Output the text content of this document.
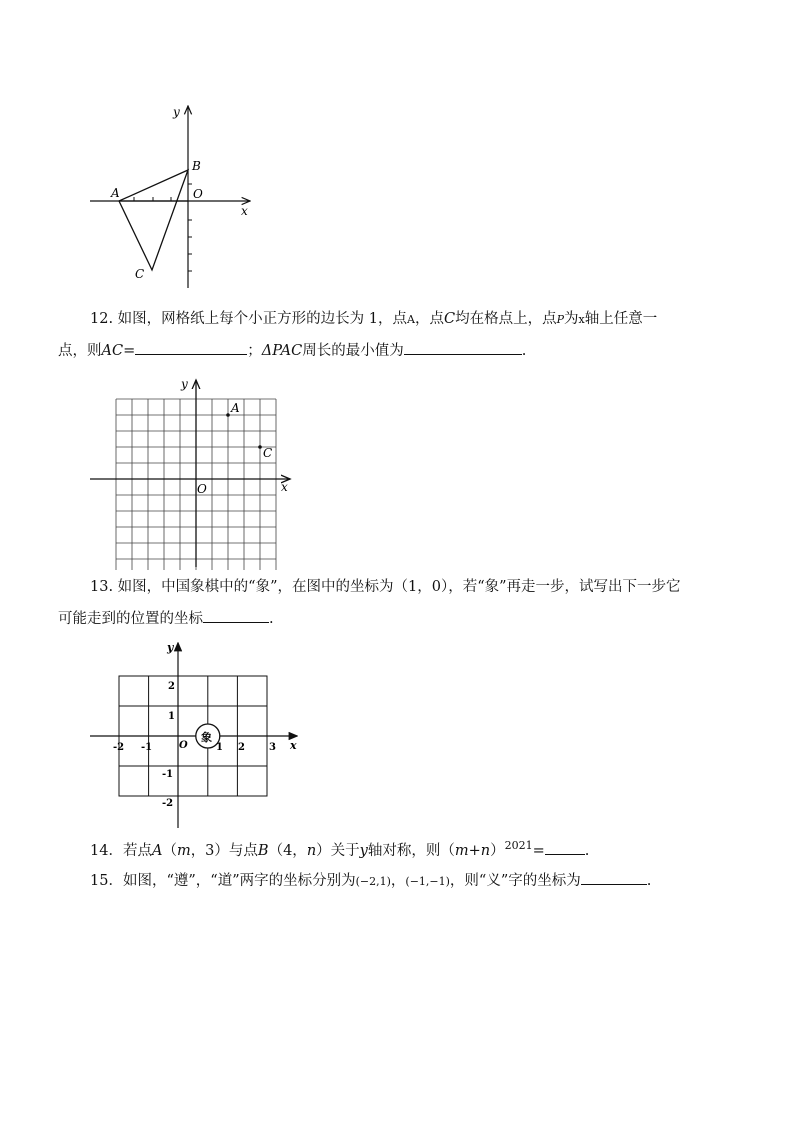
y
x
A
B
O
C
12. 如图，网格纸上每个小正方形的边长为 1，点A，点C均在格点上，点P为x轴上任意一
点，则AC=	；ΔPAC周长的最小值为	.
y
A
C
O	x
13. 如图，中国象棋中的“象”，在图中的坐标为（1，0），若“象”再走一步，试写出下一步它
可能走到的位置的坐标	.
象
y
x
O
-2 -1	1 2 3
2
1
-1
-2
14．若点A（m，3）与点B（4，n）关于y轴对称，则$(m+n)^{2021}=$	.
15．如图，“遵”，“道”两字的坐标分别为(−2,1)，(−1,−1)，则“义”字的坐标为	.
